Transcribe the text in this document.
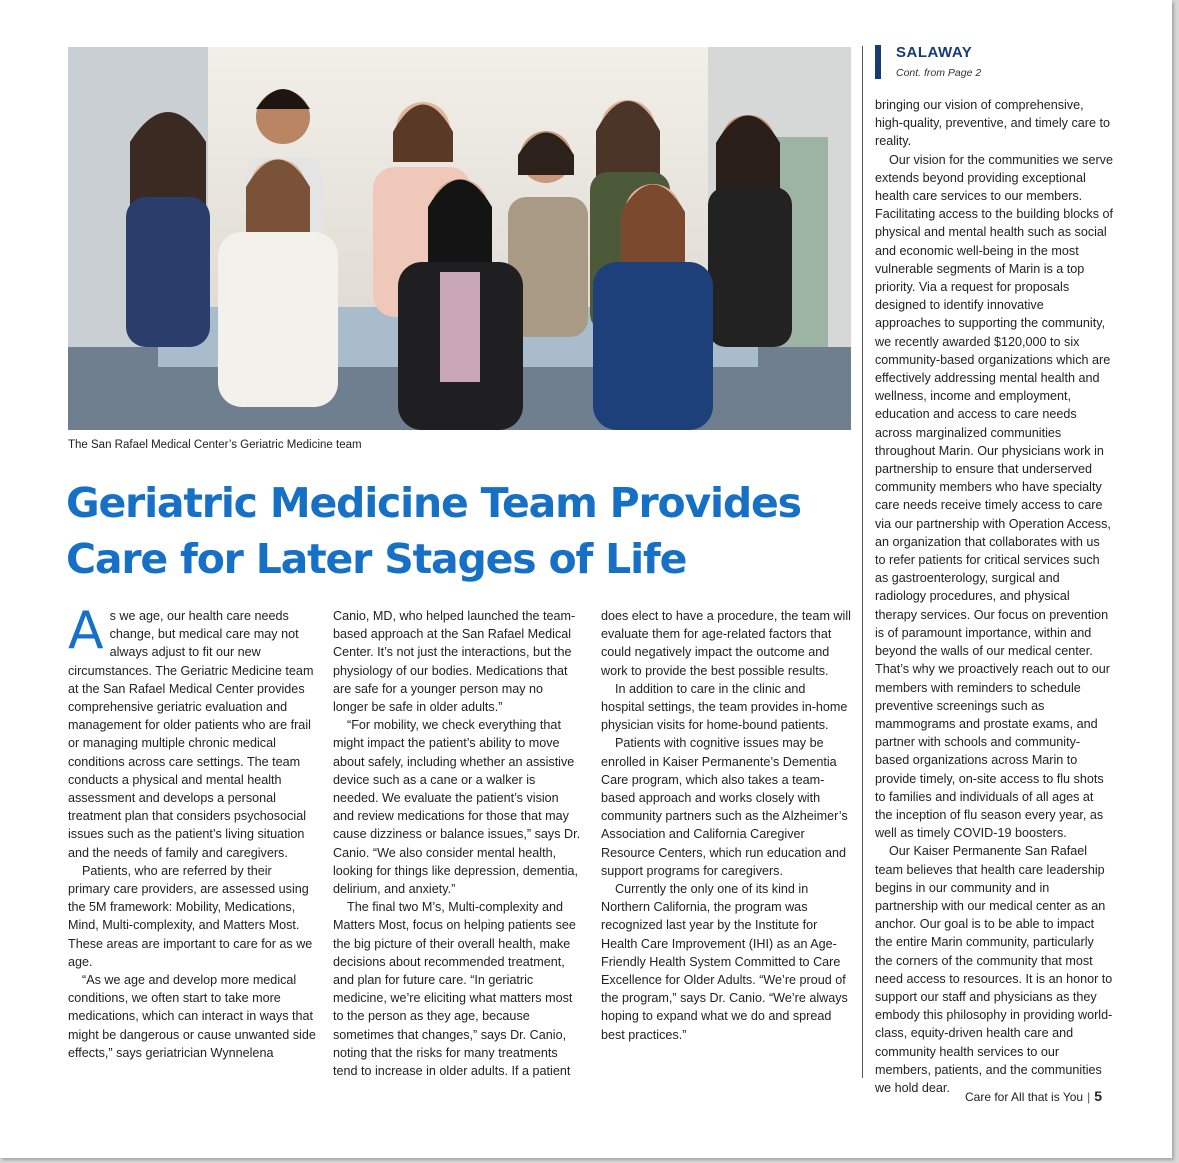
The San Rafael Medical Center’s Geriatric Medicine team
Geriatric Medicine Team Provides
Care for Later Stages of Life

As we age, our health care needs change, but medical care may not always adjust to fit our new circumstances. The Geriatric Medicine team at the San Rafael Medical Center provides comprehensive geriatric evaluation and management for older patients who are frail or managing multiple chronic medical conditions across care settings. The team conducts a physical and mental health assessment and develops a personal treatment plan that considers psychosocial issues such as the patient’s living situation and the needs of family and caregivers.

Patients, who are referred by their primary care providers, are assessed using the 5M framework: Mobility, Medications, Mind, Multi-complexity, and Matters Most. These areas are important to care for as we age.

“As we age and develop more medical conditions, we often start to take more medications, which can interact in ways that might be dangerous or cause unwanted side effects,” says geriatrician Wynnelena

Canio, MD, who helped launched the team-based approach at the San Rafael Medical Center. It’s not just the interactions, but the physiology of our bodies. Medications that are safe for a younger person may no longer be safe in older adults.”

“For mobility, we check everything that might impact the patient’s ability to move about safely, including whether an assistive device such as a cane or a walker is needed. We evaluate the patient’s vision and review medications for those that may cause dizziness or balance issues,” says Dr. Canio. “We also consider mental health, looking for things like depression, dementia, delirium, and anxiety.”

The final two M’s, Multi-complexity and Matters Most, focus on helping patients see the big picture of their overall health, make decisions about recommended treatment, and plan for future care. “In geriatric medicine, we’re eliciting what matters most to the person as they age, because sometimes that changes,” says Dr. Canio, noting that the risks for many treatments tend to increase in older adults. If a patient

does elect to have a procedure, the team will evaluate them for age-related factors that could negatively impact the outcome and work to provide the best possible results.

In addition to care in the clinic and hospital settings, the team provides in-home physician visits for home-bound patients.

Patients with cognitive issues may be enrolled in Kaiser Permanente’s Dementia Care program, which also takes a team-based approach and works closely with community partners such as the Alzheimer’s Association and California Caregiver Resource Centers, which run education and support programs for caregivers.

Currently the only one of its kind in Northern California, the program was recognized last year by the Institute for Health Care Improvement (IHI) as an Age-Friendly Health System Committed to Care Excellence for Older Adults. “We’re proud of the program,” says Dr. Canio. “We’re always hoping to expand what we do and spread best practices.”

SALAWAY
Cont. from Page 2

bringing our vision of comprehensive, high-quality, preventive, and timely care to reality.

Our vision for the communities we serve extends beyond providing exceptional health care services to our members. Facilitating access to the building blocks of physical and mental health such as social and economic well-being in the most vulnerable segments of Marin is a top priority. Via a request for proposals designed to identify innovative approaches to supporting the community, we recently awarded $120,000 to six community-based organizations which are effectively addressing mental health and wellness, income and employment, education and access to care needs across marginalized communities throughout Marin. Our physicians work in partnership to ensure that underserved community members who have specialty care needs receive timely access to care via our partnership with Operation Access, an organization that collaborates with us to refer patients for critical services such as gastroenterology, surgical and radiology procedures, and physical therapy services. Our focus on prevention is of paramount importance, within and beyond the walls of our medical center. That’s why we proactively reach out to our members with reminders to schedule preventive screenings such as mammograms and prostate exams, and partner with schools and community-based organizations across Marin to provide timely, on-site access to flu shots to families and individuals of all ages at the inception of flu season every year, as well as timely COVID-19 boosters.

Our Kaiser Permanente San Rafael team believes that health care leadership begins in our community and in partnership with our medical center as an anchor. Our goal is to be able to impact the entire Marin community, particularly the corners of the community that most need access to resources. It is an honor to support our staff and physicians as they embody this philosophy in providing world-class, equity-driven health care and community health services to our members, patients, and the communities we hold dear.

Care for All that is You | 5
